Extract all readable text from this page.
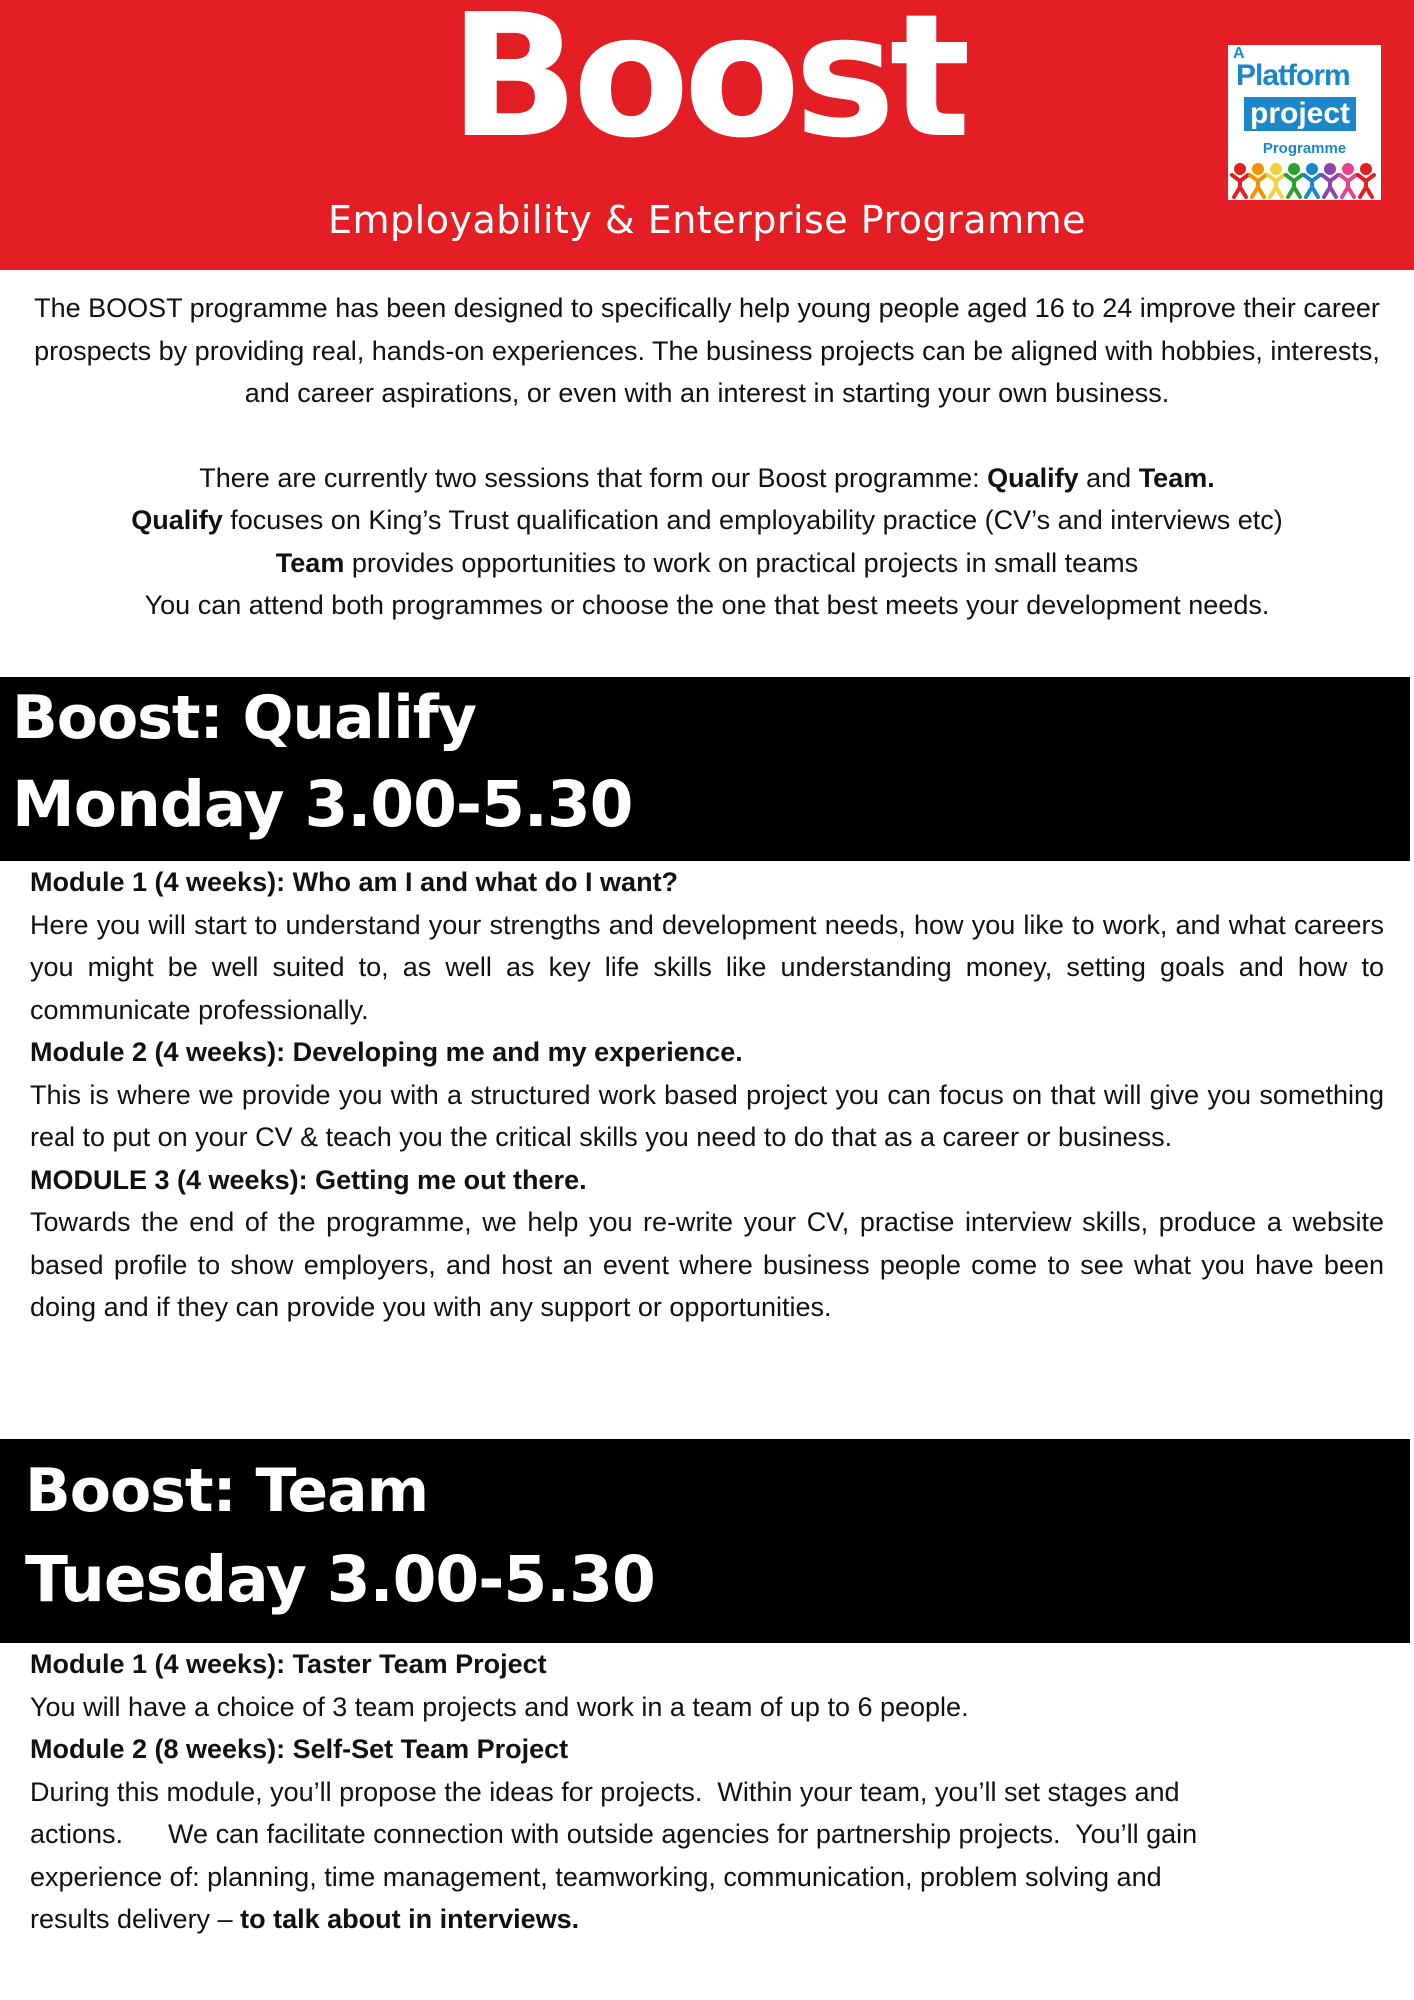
Boost
Employability & Enterprise Programme
A
Platform
project
Programme

The BOOST programme has been designed to specifically help young people aged 16 to 24 improve their career prospects by providing real, hands-on experiences. The business projects can be aligned with hobbies, interests, and career aspirations, or even with an interest in starting your own business.

There are currently two sessions that form our Boost programme: Qualify and Team.

Qualify focuses on King’s Trust qualification and employability practice (CV’s and interviews etc)

Team provides opportunities to work on practical projects in small teams

You can attend both programmes or choose the one that best meets your development needs.

Boost: Qualify
Monday 3.00-5.30

Module 1 (4 weeks): Who am I and what do I want?

Here you will start to understand your strengths and development needs, how you like to work, and what careers you might be well suited to, as well as key life skills like understanding money, setting goals and how to communicate professionally.

Module 2 (4 weeks): Developing me and my experience.

This is where we provide you with a structured work based project you can focus on that will give you something real to put on your CV & teach you the critical skills you need to do that as a career or business.

MODULE 3 (4 weeks): Getting me out there.

Towards the end of the programme, we help you re-write your CV, practise interview skills, produce a website based profile to show employers, and host an event where business people come to see what you have been doing and if they can provide you with any support or opportunities.

Boost: Team
Tuesday 3.00-5.30

Module 1 (4 weeks): Taster Team Project

You will have a choice of 3 team projects and work in a team of up to 6 people.

Module 2 (8 weeks): Self-Set Team Project

During this module, you’ll propose the ideas for projects.  Within your team, you’ll set stages and actions.      We can facilitate connection with outside agencies for partnership projects.  You’ll gain experience of: planning, time management, teamworking, communication, problem solving and results delivery – to talk about in interviews.
